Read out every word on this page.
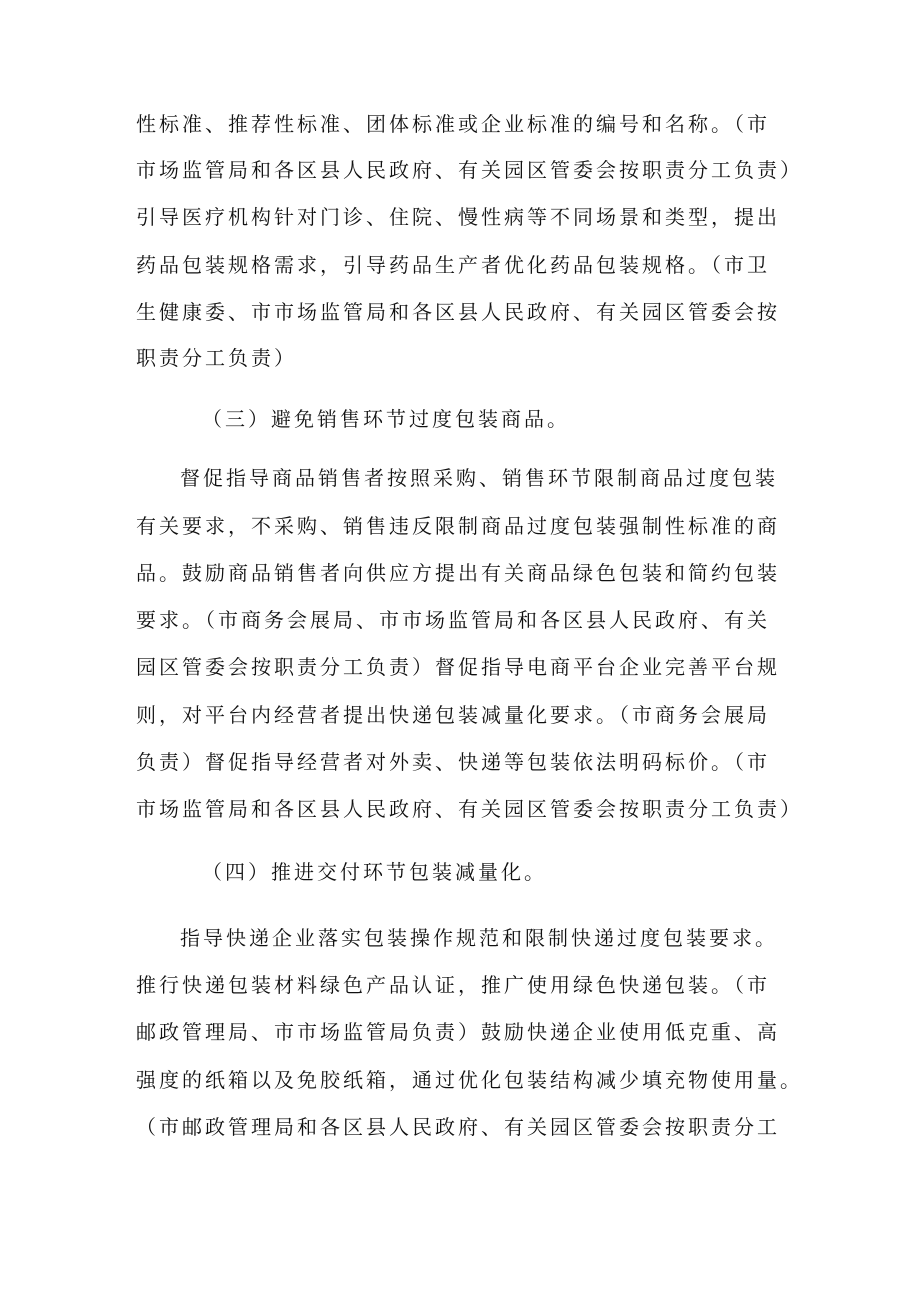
性标准、推荐性标准、团体标准或企业标准的编号和名称。（市
市场监管局和各区县人民政府、有关园区管委会按职责分工负责）
引导医疗机构针对门诊、住院、慢性病等不同场景和类型，提出
药品包装规格需求，引导药品生产者优化药品包装规格。（市卫
生健康委、市市场监管局和各区县人民政府、有关园区管委会按
职责分工负责）
（三）避免销售环节过度包装商品。
督促指导商品销售者按照采购、销售环节限制商品过度包装
有关要求，不采购、销售违反限制商品过度包装强制性标准的商
品。鼓励商品销售者向供应方提出有关商品绿色包装和简约包装
要求。（市商务会展局、市市场监管局和各区县人民政府、有关
园区管委会按职责分工负责）督促指导电商平台企业完善平台规
则，对平台内经营者提出快递包装减量化要求。（市商务会展局
负责）督促指导经营者对外卖、快递等包装依法明码标价。（市
市场监管局和各区县人民政府、有关园区管委会按职责分工负责）
（四）推进交付环节包装减量化。
指导快递企业落实包装操作规范和限制快递过度包装要求。
推行快递包装材料绿色产品认证，推广使用绿色快递包装。（市
邮政管理局、市市场监管局负责）鼓励快递企业使用低克重、高
强度的纸箱以及免胶纸箱，通过优化包装结构减少填充物使用量。
（市邮政管理局和各区县人民政府、有关园区管委会按职责分工
